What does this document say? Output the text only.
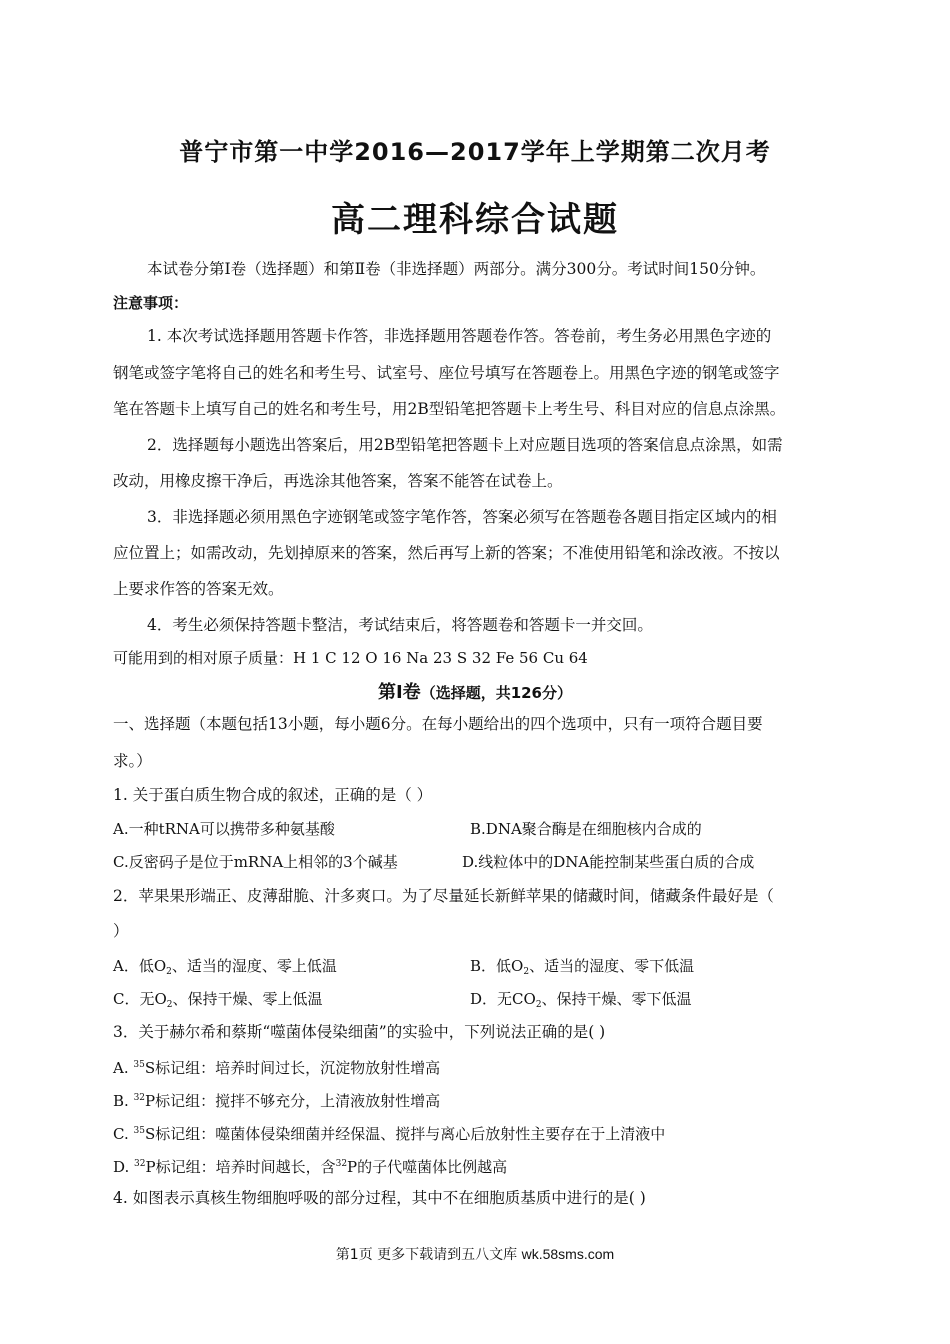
普宁市第一中学2016—2017学年上学期第二次月考
高二理科综合试题
本试卷分第Ⅰ卷（选择题）和第Ⅱ卷（非选择题）两部分。满分300分。考试时间150分钟。
注意事项：
1. 本次考试选择题用答题卡作答，非选择题用答题卷作答。答卷前，考生务必用黑色字迹的
钢笔或签字笔将自己的姓名和考生号、试室号、座位号填写在答题卷上。用黑色字迹的钢笔或签字
笔在答题卡上填写自己的姓名和考生号，用2B型铅笔把答题卡上考生号、科目对应的信息点涂黑。
2．选择题每小题选出答案后，用2B型铅笔把答题卡上对应题目选项的答案信息点涂黑，如需
改动，用橡皮擦干净后，再选涂其他答案，答案不能答在试卷上。
3．非选择题必须用黑色字迹钢笔或签字笔作答，答案必须写在答题卷各题目指定区域内的相
应位置上；如需改动，先划掉原来的答案，然后再写上新的答案；不准使用铅笔和涂改液。不按以
上要求作答的答案无效。
4．考生必须保持答题卡整洁，考试结束后，将答题卷和答题卡一并交回。
可能用到的相对原子质量：H 1 C 12 O 16 Na 23 S 32 Fe 56 Cu 64
第Ⅰ卷（选择题，共126分）
一、选择题（本题包括13小题，每小题6分。在每小题给出的四个选项中，只有一项符合题目要
求。）
1. 关于蛋白质生物合成的叙述，正确的是（ ）
A.一种tRNA可以携带多种氨基酸	B.DNA聚合酶是在细胞核内合成的
C.反密码子是位于mRNA上相邻的3个碱基	D.线粒体中的DNA能控制某些蛋白质的合成
2．苹果果形端正、皮薄甜脆、汁多爽口。为了尽量延长新鲜苹果的储藏时间，储藏条件最好是（
）
A．低$O_2$、适当的湿度、零上低温	B．低$O_2$、适当的湿度、零下低温
C．无$O_2$、保持干燥、零上低温	D．无$CO_2$、保持干燥、零下低温
3．关于赫尔希和蔡斯“噬菌体侵染细菌”的实验中，下列说法正确的是( )
A. $^{35}$S标记组：培养时间过长，沉淀物放射性增高
B. $^{32}$P标记组：搅拌不够充分，上清液放射性增高
C. $^{35}$S标记组：噬菌体侵染细菌并经保温、搅拌与离心后放射性主要存在于上清液中
D. $^{32}$P标记组：培养时间越长，含$^{32}$P的子代噬菌体比例越高
4. 如图表示真核生物细胞呼吸的部分过程，其中不在细胞质基质中进行的是( )
第1页 更多下载请到五八文库 wk.58sms.com
